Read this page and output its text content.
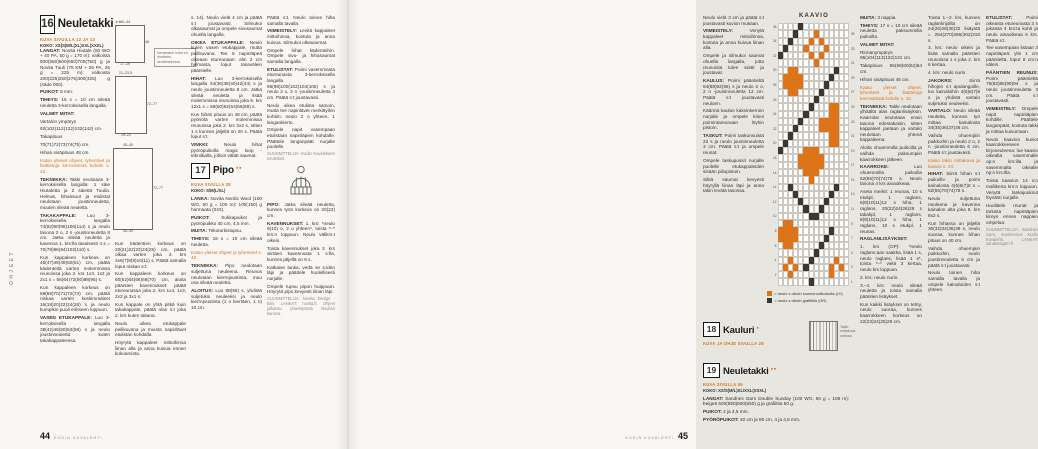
OHJEET
16 Neuletakki ●●
KUVA SIVUILLA 12 JA 13
KOKO: XS(S)M/L(XL)XXL(XXXL)

LANGAT: Novita Hiutale (60 WO + 40 PA, 50 g = 170 m): valkoista 500(550)600(650)700(750) g ja Novita Tuuli (75 KM + 25 PA, 25 g = 225 m): valkoista 200(225)250(275)300(325) g (säde 000).

PUIKOT: 5 mm.

TIHEYS: 16 s = 10 cm sileää neuletta 3-kerroksisella langalla.

VALMIIT MITAT:

Vartalon ympärys

92(102)112(122)132(142) cm.

Takapituus

70(71)72(73)74(75) cm.

Hihan sisäpituus 48 cm.

Katso yleiset ohjeet, lyhenteet ja lisätietoja kerrostöistä kohdin s. 42.

TEKNIIKKA: Takki neulotaan 3-kerroksisella langalla: 1 säie Hiutaletta ja 2 säiettä Tuulia. Helmat, hihansuut ja etulistat neulotaan joustinneuletta, muuten sileää neuletta.

TAKAKAPPALE: Luo 3-kerroksisella langalla 74(82)90(98)106(114) s ja neulo tasona 2 o, 2 n -joustinneuletta 8 cm. Jatka sileää neuletta ja kavenna 1. krs:lla tasaisesti 4 s = 70(78)86(94)102(110) s.

Kun kappaleen korkeus on 46(47)48(49)50(51) cm, päätä kädenteitä varten molemmissa reunoissa joka 2. krs 1x3, 1x2 ja 2x1 s = 56(64)72(80)88(96) s.

Kun kappaleen korkeus on 68(69)70(71)72(73) cm, päätä niskaa varten keskimmäiset 16(18)20(22)24(26) s ja neulo kumpikin puoli erikseen loppuun.

VASEN ETUKAPPALE: Luo 3-kerroksisella langalla 38(42)46(50)54(58) s ja neulo joustinneuletta kuten takakappaleessa.

40–44
48
17–19
Neuletakin mitat on ilmoitettu senttimetreinä.
21–23,5
72–77
19–21
45–49
72–77
45–49

Kun kädentien korkeus on 20(21)22(23)24(25) cm, päätä olkaa varten joka 2. krs 3x6(7)8(9)10(11) s. Päätä samalla loput niskan s:t.

Kun kappaleen korkeus on 60(62)64(66)68(70) cm, aloita pääntien kavennukset: päätä etureunassa joka 2. krs 1x4, 1x3, 2x2 ja 3x1 s.

Kun kappale on yhtä pitkä kuin takakappale, päätä olan s:t joka 2. krs kuten takana.

Neulo oikea etukappale peilikuvana ja muista napinlävet etulistan kohdalla.

Höyrytä kappaleet mittoihinsa liinan alla ja anna kuivua ennen kokoamista.

s. 14). Neulo vielä 4 cm ja päätä s:t joustavasti. Silmukoi olkasaumat ja ompele sivusaumat ohuella langalla.

OIKEA ETUKAPPALE: Neulo kuten vasen etukappale, mutta peilikuvana. Tee 5 napinläpeä oikeaan etureunaan: alin 2 cm helmasta, loput tasavälein pääntielle.

HIHAT: Luo 3-kerroksisella langalla 34(36)38(40)42(44) s ja neulo joustinneuletta 8 cm. Jatka sileää neuletta ja lisää molemmissa reunoissa joka 6. krs 12x1 s = 58(60)62(64)66(68) s.

Kun hihan pituus on 48 cm, päätä pyöriötä varten molemmissa reunoissa joka 2. krs 2x2 s, sitten 1 s kunnes jäljellä on 20 s. Päätä loput s:t.

VINKKI: Neulo hihat pyöröpuikolla magic loop -tekniikalla, jolloin vältät saumat.

17 Pipo ●●
KUVA SIVULLA 28
KOKO: S/M(L/XL)

LANKA: Novita Nordic Wool (100 WO, 50 g = 100 m): 100(150) g harmaata (043).

PUIKOT: Sukkapuikot ja pyöröpuikko 40 cm, 4,5 mm.

MUITA: Tekoturkistupsu.

TIHEYS: 19 s = 10 cm sileää neuletta.

Katso yleiset ohjeet ja lyhenteet s. 42.

TEKNIIKKA: Pipo neulotaan suljettuna neuleena. Reunus neulotaan kierrejoustinta, muu osa sileää neuletta.

ALOITUS: Luo 88(96) s, yhdistä suljetuksi neuleeksi ja neulo kierrejoustinta (1 o kiertäen, 1 n) 10 cm.

Päätä s:t. Neulo toinen hiha samalla tavalla.

VIIMEISTELY: Levitä kappaleet mittoihinsa, kostuta ja anna kuivua. Silmukoi olkasaumat.

Ompele hihat kädenteihin. Ompele sivu- ja hihasaumat samalla langalla.

ETULISTAT: Poimi vasemmasta etureunasta 3-kerroksisella langalla 96(98)100(102)104(106) s ja neulo 2 o, 2 n -joustinneuletta 3 cm. Päätä s:t joustavasti.

Neulo oikea etulista samoin, mutta tee napinlävet merkittyihin kohtiin: neulo 2 o yhteen, 1 langankierto.

Ompele napit vasempaan etulistaan napinläpien kohdalle. Päättele langanpäät nurjalle puolelle.

SUUNNITTELIJA: Kodin Kuvalehden neuletiimi.

PIPO: Jatka sileää neuletta, kunnes työn korkeus on 20(22) cm.

KAVENNUKSET: 1. krs: *neulo 9(10) o, 2 o yhteen*, toista *–* krs:n loppuun. Neulo välikrs:t oikein.

Toista kavennukset joka 2. krs siirtäen kavennusta 1 s:lla, kunnes jäljellä on 8 s.

Katkaise lanka, vedä se s:iden läpi ja päättele huolellisesti nurjalle.

Ompele tupsu pipon huippuun. Höyrytä pipo kevyesti liinan läpi.

SUUNNITTELIJA: Novita Design -tiimi. LANKAT: novita.fi. Ohjeet julkaistu yhteistyössä Novitan kanssa.

44 KODIN KUVALEHTI

Neulo vielä 3 cm ja päätä s:t joustavasti kuvion mukaan.

VIIMEISTELY: Venytä kappaleet mittoihinsa, kostuta ja anna kuivua liinan alla.

Ompele ja silmukoi saumat ohuella langalla, jotta reunoista tulee siistit ja joustavat.

KAULUS: Poimi pääntieltä 84(88)92(96) s ja neulo 2 o, 2 n -joustinneuletta 12 cm. Päätä s:t joustavasti neuloen.

Käännä kaulus kaksinkerroin nurjalle ja ompele kiinni poimintareunaan löyhin pistoin.

TASKUT: Poimi taskunsuista 22 s ja neulo joustinneuletta 3 cm. Päätä s:t ja ompele reunat.

Ompele taskupussit nurjalle puolelle etukappaleiden sisään piilopistoin.

Silitä saumat kevyesti höyryllä liinan läpi ja anna takin levätä tasossa.

KAAVIO
36
35
34
33
32
31
30
29
28
27
26
25
24
23
22
21
20
19
18
17
16
15
14
13
12
11
10
9
8
7
6
5
4
3
2
1
= neulo s oikein luonnonvalkoisella (LV)
= neulo s oikein grafiitilla (GR)
18 Kauluri ●
KUVA JA OHJE SIVULLA 28
Takin mittakuva ohessa.
19 Neuletakki ●●
KUVA SIVULLA 55
KOKO: XS/S(M/L)XL/XXL(XXXL)

LANGAT: Sandnes Garn Double Sunday (100 WO, 50 g = 108 m): beigeä 500(550)600(650) g ja grafiittia 50 g.

PUIKOT: 4 ja 4,5 mm.

PYÖRÖPUIKOT: 40 cm ja 80 cm, 4 ja 4,5 mm.

MUITA: 3 nappia.

TIHEYS: 17 s = 10 cm sileää neuletta paksummilla puikoilla.

VALMIIT MITAT:

Rinnanympärys 95(104)113(122)131 cm.

Takapituus 56(58)60(62)64 cm.

Hihan sisäpituus 46 cm.

Katso yleiset ohjeet, lyhenteet ja lisätietoja kerrostöistä kohdin s. 42.

TEKNIIKKA: Takki neulotaan ylhäältä alas raglanlisäyksin. Kaarroke neulotaan ensin tasona edestakaisin, sitten kappaleet jaetaan ja vartalo neulotaan yhtenä kappaleena.

Aloita ohuemmilla puikoilla ja vaihda paksumpiin kaarrokkeen jälkeen.

KAARROKE: Luo ohuemmilla puikoilla 62(66)70(74)78 s. Neulo tasona 4 krs ainaoikeaa.

Aseta merkit: 1 reunas, 10 s etukpl, 1 raglans, 8(9)10(11)12 s hiha, 1 raglans, 20(22)24(26)28 s takakpl, 1 raglans, 8(9)10(11)12 s hiha, 1 raglans, 10 s etukpl, 1 reunas.

RAGLANLISÄYKSET:

1. krs (OP): *neulo raglans:aan saakka, lisää 1 s, neulo raglans, lisää 1 s*, toista *–* vielä 3 kertaa, neulo krs loppuun.

2. krs: neulo nurin.

3.–4. krs: neulo sileää neuletta ja toista samalla pääntien lisäykset.

Kun kaikki lisäykset on tehty, neulo suoraa, kunnes kaarrokkeen korkeus on 22(23)24(25)26 cm.

Toista 1.–2. krs, kunnes raglanlinjoilla on 24(26)28(30)32 lisäystä = 254(270)286(302)318 s.

3. krs: neulo oikein ja lisää samalla pääntien reunoissa 1 s joka 2. krs 6 kertaa.

4. krs: neulo nurin.

JAKOKRS: Siirrä hihojen s:t apulangoille, luo kainaloihin 4(5)6(7)8 s ja yhdistä vartalo suljetuksi neuleeksi.

VARTALO: Neulo sileää neuletta, kunnes työ mittaa kainalosta 34(35)36(37)38 cm.

Vaihda ohuempiin puikkoihin ja neulo 2 o, 2 n -joustinneuletta 6 cm. Päätä s:t joustavasti.

Katso takin mittakuva ja kaavio s. 43.

HIHAT: Siirrä hihan s:t puikoille ja poimi kainalosta 4(5)6(7)8 s = 62(66)70(74)78 s.

Neulo suljettuna neuleena ja kavenna kainalon alta joka 8. krs 8x2 s.

Kun hihassa on jäljellä 30(32)34(36)38 s, neulo suoraa, kunnes hihan pituus on 40 cm.

Vaihda ohuempiin puikkoihin, neulo joustinneuletta 6 cm ja päätä s:t joustavasti.

Neulo toinen hiha samalla tavalla ja ompele kainaloiden s:t yhteen.

ETULISTAT: Poimi oikeasta etureunasta 3 s jokaista 4 krs:ta kohti ja neulo ainaoikeaa 6 krs. Päätä s:t.

Tee vasempaan listaan 3 napinläpeä: ylin 1 cm pääntieltä, loput 8 cm:n välein.

PÄÄNTIEN REUNUS: Poimi pääntieltä 78(82)86(90)94 s ja neulo joustinneuletta 3 cm. Päätä s:t joustavasti.

VIIMEISTELY: Ompele napit napinläpien kohdille. Päättele langanpäät, kostuta takki ja mittaa kuivumaan.

Neulo kaavion kuviot kaarrokkeeseen kirjoneuleena: lue kaavio oikealta vasemmalle op:n krs:illa ja vasemmalta oikealle np:n krs:illa.

Toista kaavion 14 s:n mallikerta krs:n loppuun. Venytä lankajuoksut löysästi nurjalle.

Huolittele reunat ja tarkista napinläpien kireys ennen nappien ompelua.

SUUNNITTELIJA: Sandnes Garn, suomennos Kodin Kuvalehti. LANKAT: sandnesgarn.fi

KODIN KUVALEHTI 45
